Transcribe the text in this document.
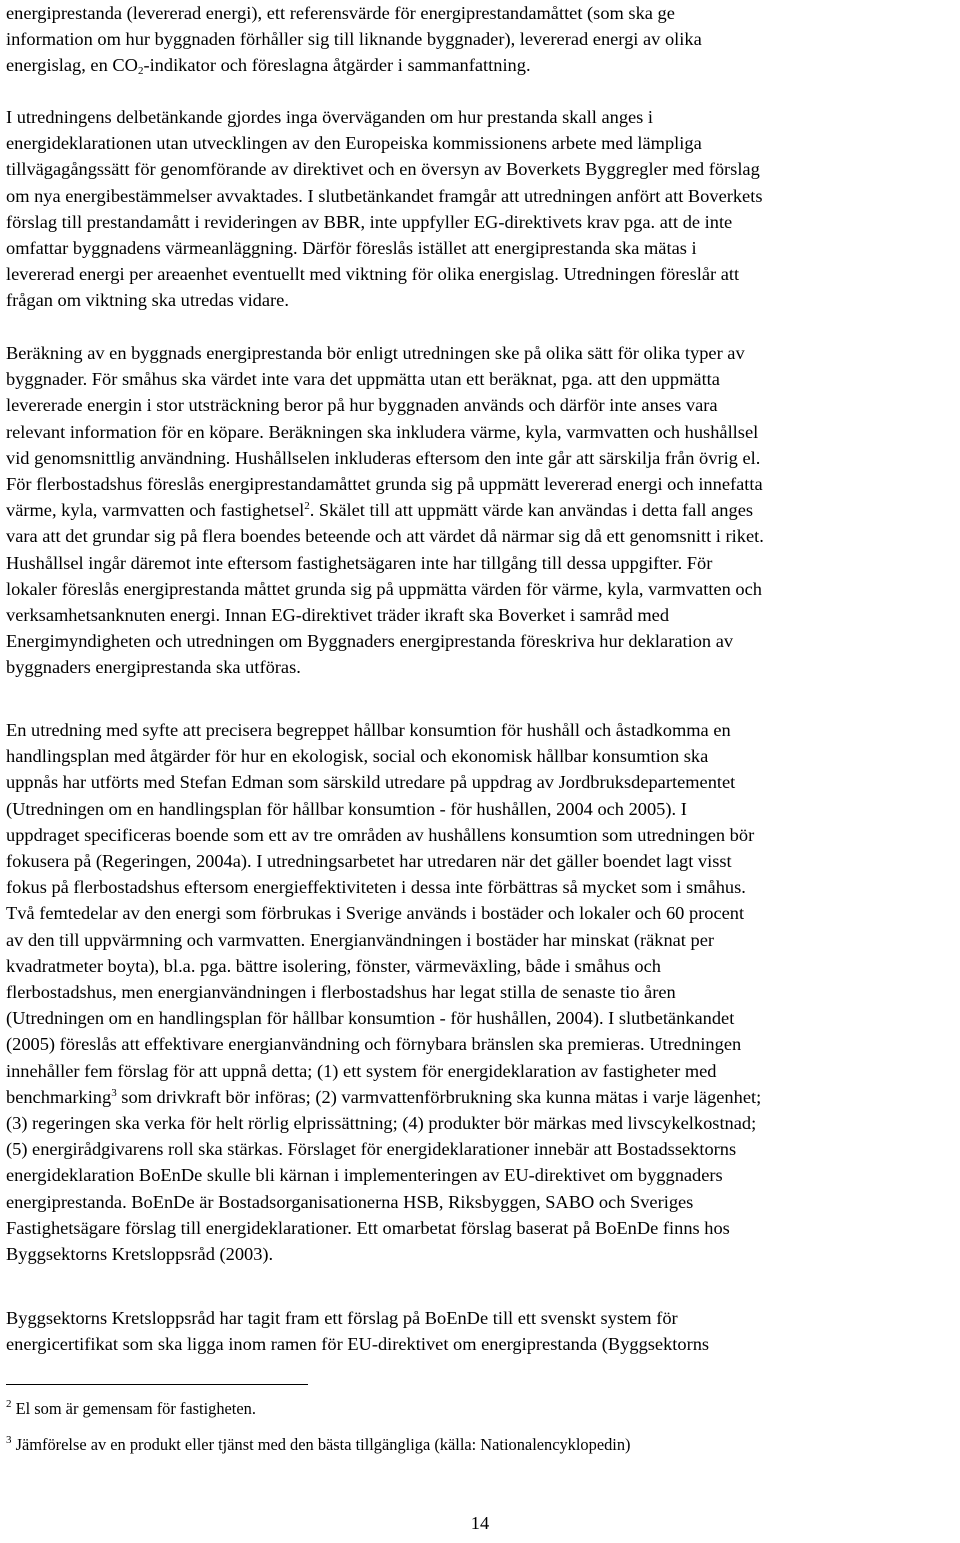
energiprestanda (levererad energi), ett referensvärde för energiprestandamåttet (som ska ge
information om hur byggnaden förhåller sig till liknande byggnader), levererad energi av olika
energislag, en $CO_2$-indikator och föreslagna åtgärder i sammanfattning.
I utredningens delbetänkande gjordes inga överväganden om hur prestanda skall anges i
energideklarationen utan utvecklingen av den Europeiska kommissionens arbete med lämpliga
tillvägagångssätt för genomförande av direktivet och en översyn av Boverkets Byggregler med förslag
om nya energibestämmelser avvaktades. I slutbetänkandet framgår att utredningen anfört att Boverkets
förslag till prestandamått i revideringen av BBR, inte uppfyller EG-direktivets krav pga. att de inte
omfattar byggnadens värmeanläggning. Därför föreslås istället att energiprestanda ska mätas i
levererad energi per areaenhet eventuellt med viktning för olika energislag. Utredningen föreslår att
frågan om viktning ska utredas vidare.
Beräkning av en byggnads energiprestanda bör enligt utredningen ske på olika sätt för olika typer av
byggnader. För småhus ska värdet inte vara det uppmätta utan ett beräknat, pga. att den uppmätta
levererade energin i stor utsträckning beror på hur byggnaden används och därför inte anses vara
relevant information för en köpare. Beräkningen ska inkludera värme, kyla, varmvatten och hushållsel
vid genomsnittlig användning. Hushållselen inkluderas eftersom den inte går att särskilja från övrig el.
För flerbostadshus föreslås energiprestandamåttet grunda sig på uppmätt levererad energi och innefatta
värme, kyla, varmvatten och fastighetsel$^2$. Skälet till att uppmätt värde kan användas i detta fall anges
vara att det grundar sig på flera boendes beteende och att värdet då närmar sig då ett genomsnitt i riket.
Hushållsel ingår däremot inte eftersom fastighetsägaren inte har tillgång till dessa uppgifter. För
lokaler föreslås energiprestanda måttet grunda sig på uppmätta värden för värme, kyla, varmvatten och
verksamhetsanknuten energi. Innan EG-direktivet träder ikraft ska Boverket i samråd med
Energimyndigheten och utredningen om Byggnaders energiprestanda föreskriva hur deklaration av
byggnaders energiprestanda ska utföras.
En utredning med syfte att precisera begreppet hållbar konsumtion för hushåll och åstadkomma en
handlingsplan med åtgärder för hur en ekologisk, social och ekonomisk hållbar konsumtion ska
uppnås har utförts med Stefan Edman som särskild utredare på uppdrag av Jordbruksdepartementet
(Utredningen om en handlingsplan för hållbar konsumtion - för hushållen, 2004 och 2005). I
uppdraget specificeras boende som ett av tre områden av hushållens konsumtion som utredningen bör
fokusera på (Regeringen, 2004a). I utredningsarbetet har utredaren när det gäller boendet lagt visst
fokus på flerbostadshus eftersom energieffektiviteten i dessa inte förbättras så mycket som i småhus.
Två femtedelar av den energi som förbrukas i Sverige används i bostäder och lokaler och 60 procent
av den till uppvärmning och varmvatten. Energianvändningen i bostäder har minskat (räknat per
kvadratmeter boyta), bl.a. pga. bättre isolering, fönster, värmeväxling, både i småhus och
flerbostadshus, men energianvändningen i flerbostadshus har legat stilla de senaste tio åren
(Utredningen om en handlingsplan för hållbar konsumtion - för hushållen, 2004). I slutbetänkandet
(2005) föreslås att effektivare energianvändning och förnybara bränslen ska premieras. Utredningen
innehåller fem förslag för att uppnå detta; (1) ett system för energideklaration av fastigheter med
benchmarking$^3$ som drivkraft bör införas; (2) varmvattenförbrukning ska kunna mätas i varje lägenhet;
(3) regeringen ska verka för helt rörlig elprissättning; (4) produkter bör märkas med livscykelkostnad;
(5) energirådgivarens roll ska stärkas. Förslaget för energideklarationer innebär att Bostadssektorns
energideklaration BoEnDe skulle bli kärnan i implementeringen av EU-direktivet om byggnaders
energiprestanda. BoEnDe är Bostadsorganisationerna HSB, Riksbyggen, SABO och Sveriges
Fastighetsägare förslag till energideklarationer. Ett omarbetat förslag baserat på BoEnDe finns hos
Byggsektorns Kretsloppsråd (2003).
Byggsektorns Kretsloppsråd har tagit fram ett förslag på BoEnDe till ett svenskt system för
energicertifikat som ska ligga inom ramen för EU-direktivet om energiprestanda (Byggsektorns
$^2$ El som är gemensam för fastigheten.
$^3$ Jämförelse av en produkt eller tjänst med den bästa tillgängliga (källa: Nationalencyklopedin)
14
